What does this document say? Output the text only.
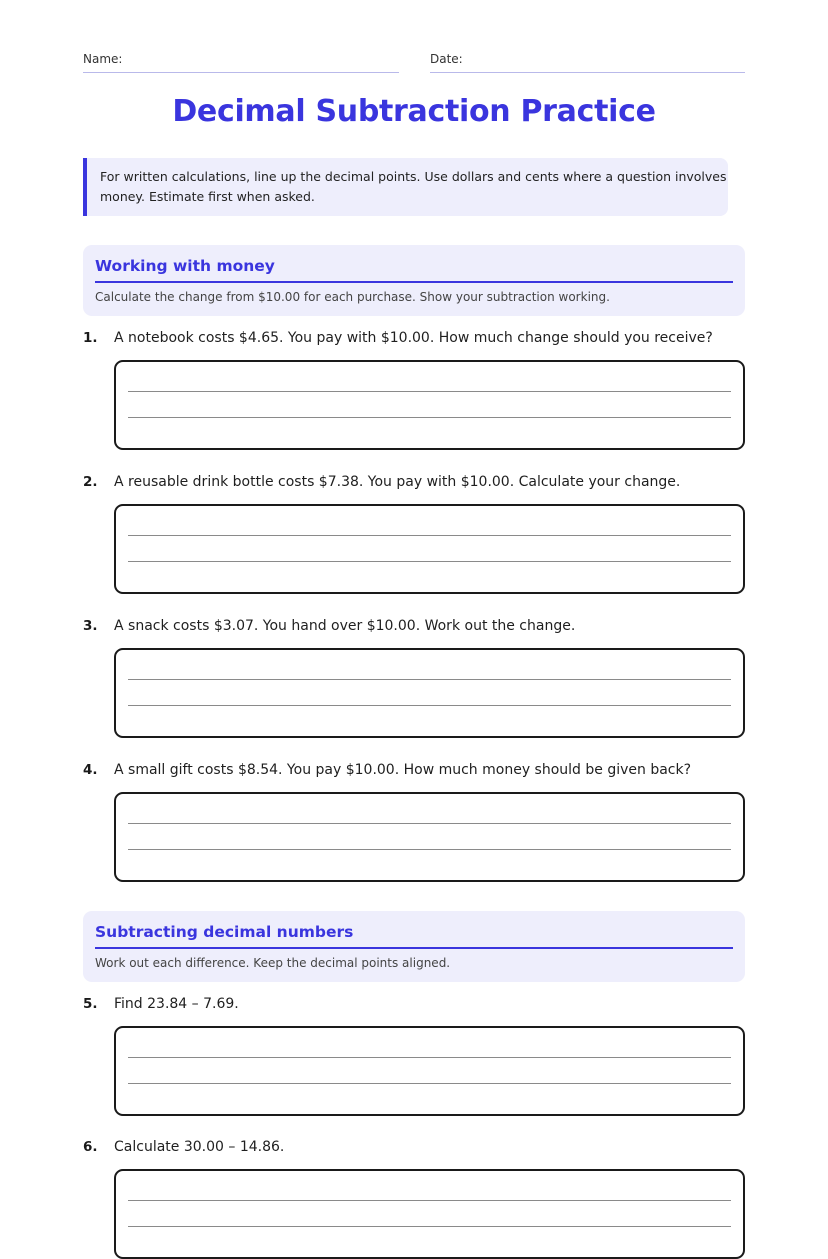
Name:	Date:
Decimal Subtraction Practice
For written calculations, line up the decimal points. Use dollars and cents where a question involves money. Estimate first when asked.
Working with money
Calculate the change from $10.00 for each purchase. Show your subtraction working.
1. A notebook costs $4.65. You pay with $10.00. How much change should you receive?
2. A reusable drink bottle costs $7.38. You pay with $10.00. Calculate your change.
3. A snack costs $3.07. You hand over $10.00. Work out the change.
4. A small gift costs $8.54. You pay $10.00. How much money should be given back?
Subtracting decimal numbers
Work out each difference. Keep the decimal points aligned.
5. Find 23.84 – 7.69.
6. Calculate 30.00 – 14.86.
